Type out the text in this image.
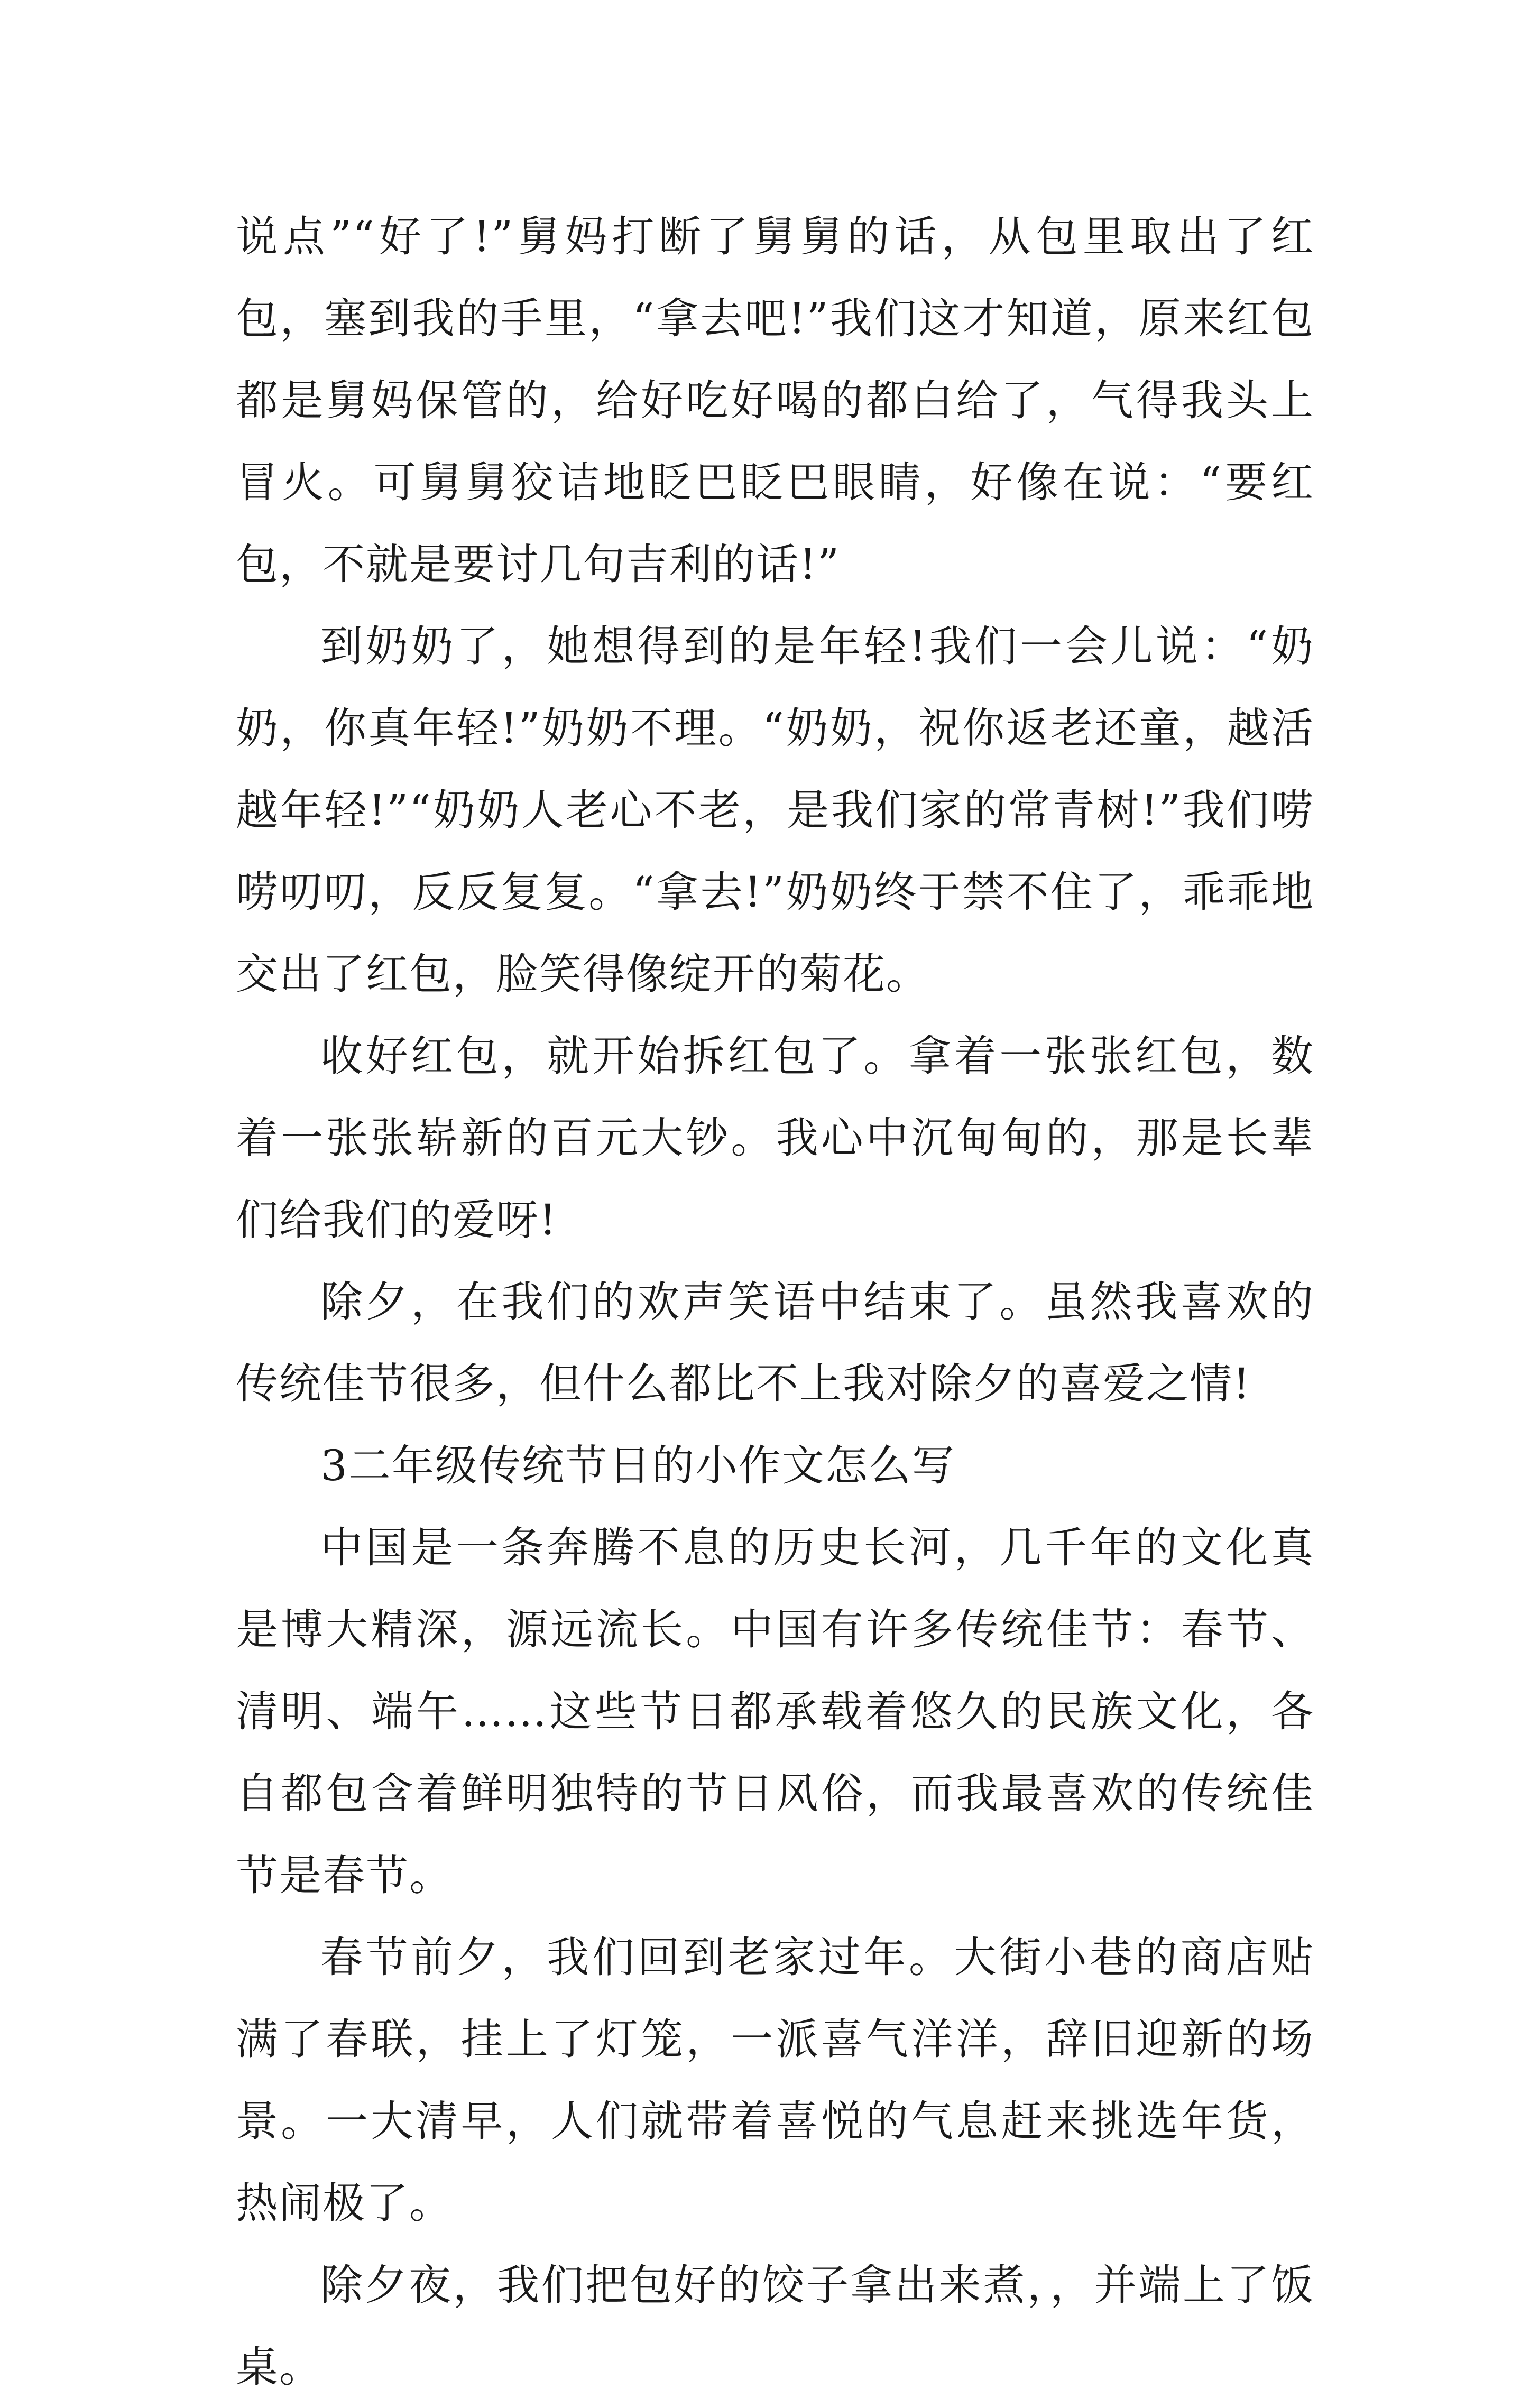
说点”“好了!”舅妈打断了舅舅的话，从包里取出了红包，塞到我的手里，“拿去吧!”我们这才知道，原来红包都是舅妈保管的，给好吃好喝的都白给了，气得我头上冒火。可舅舅狡诘地眨巴眨巴眼睛，好像在说：“要红包，不就是要讨几句吉利的话!”

到奶奶了，她想得到的是年轻!我们一会儿说：“奶奶，你真年轻!”奶奶不理。“奶奶，祝你返老还童，越活越年轻!”“奶奶人老心不老，是我们家的常青树!”我们唠唠叨叨，反反复复。“拿去!”奶奶终于禁不住了，乖乖地交出了红包，脸笑得像绽开的菊花。

收好红包，就开始拆红包了。拿着一张张红包，数着一张张崭新的百元大钞。我心中沉甸甸的，那是长辈们给我们的爱呀!

除夕，在我们的欢声笑语中结束了。虽然我喜欢的传统佳节很多，但什么都比不上我对除夕的喜爱之情!

3二年级传统节日的小作文怎么写

中国是一条奔腾不息的历史长河，几千年的文化真是博大精深，源远流长。中国有许多传统佳节：春节、清明、端午……这些节日都承载着悠久的民族文化，各自都包含着鲜明独特的节日风俗，而我最喜欢的传统佳节是春节。

春节前夕，我们回到老家过年。大街小巷的商店贴满了春联，挂上了灯笼，一派喜气洋洋，辞旧迎新的场景。一大清早，人们就带着喜悦的气息赶来挑选年货，热闹极了。

除夕夜，我们把包好的饺子拿出来煮，，并端上了饭桌。
